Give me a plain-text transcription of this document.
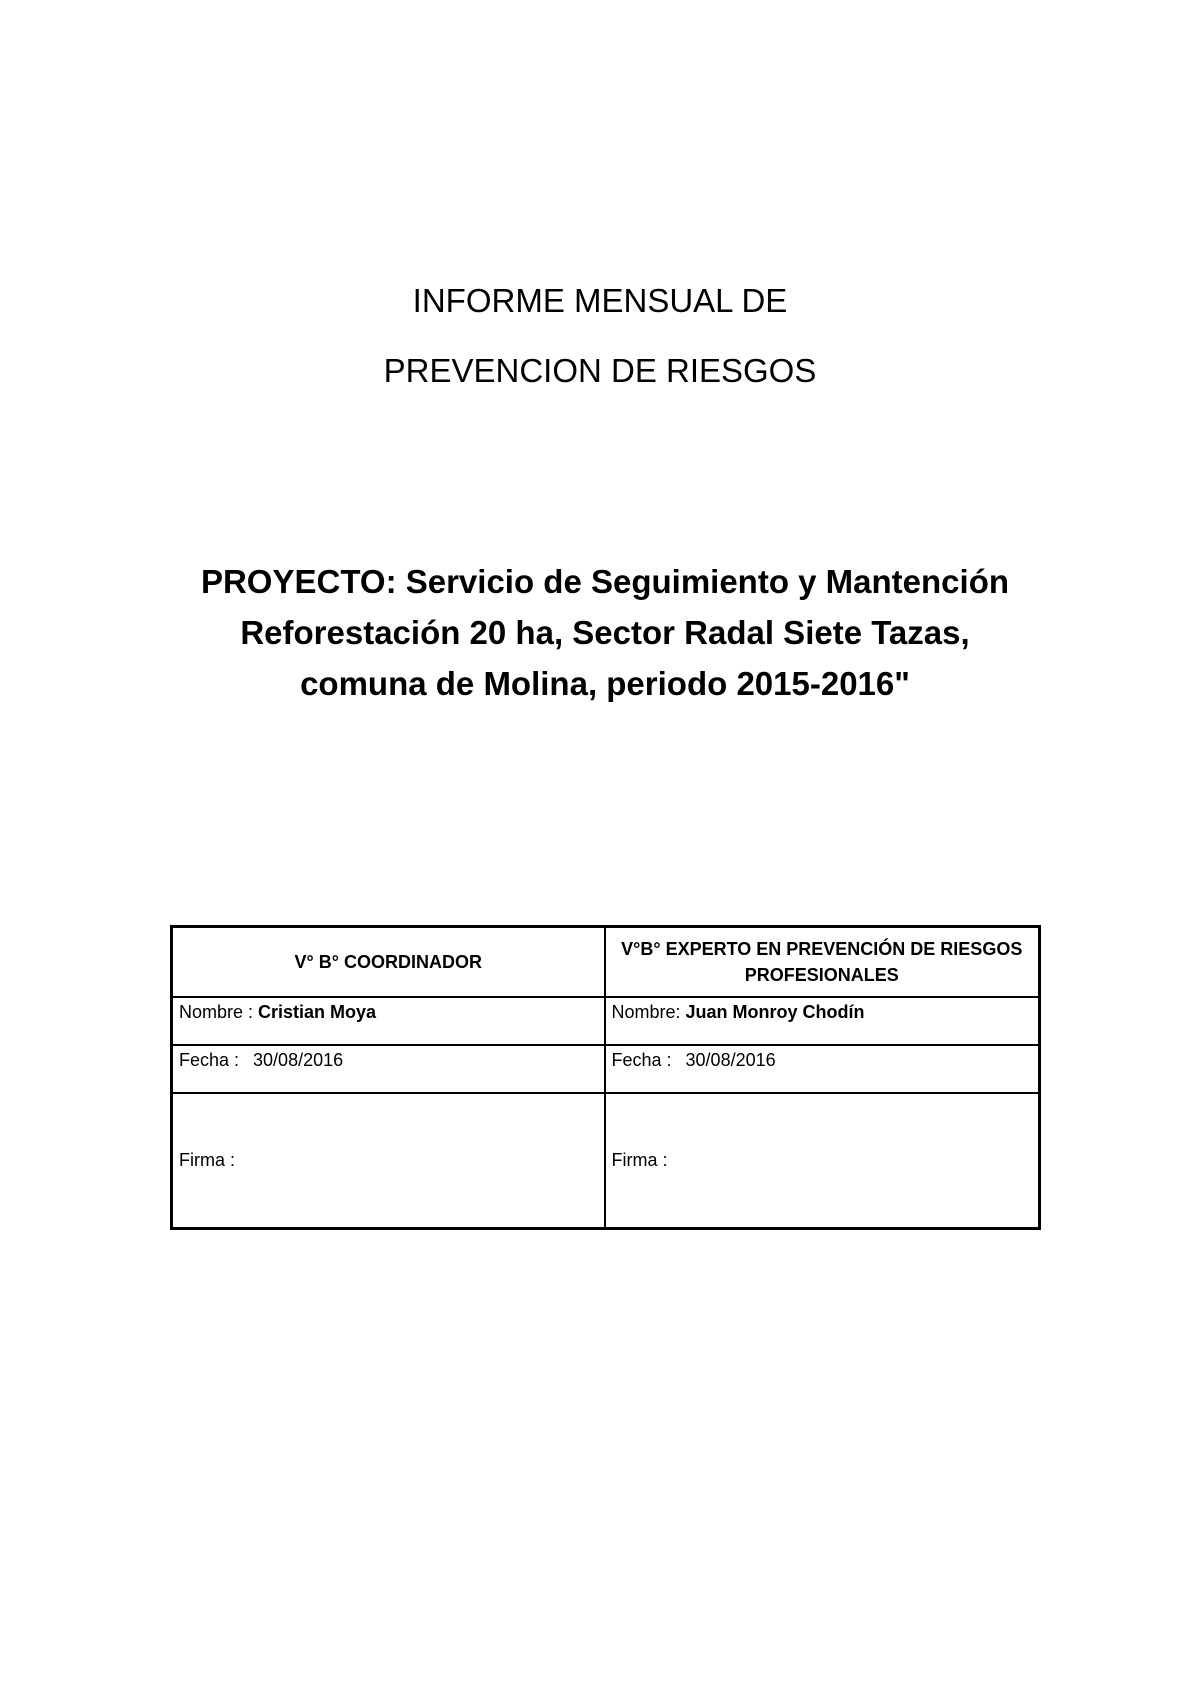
INFORME MENSUAL DE
PREVENCION DE RIESGOS
PROYECTO: Servicio de Seguimiento y Mantención Reforestación 20 ha, Sector Radal Siete Tazas, comuna de Molina, periodo 2015-2016"
V° B° COORDINADOR	V°B° EXPERTO EN PREVENCIÓN DE RIESGOS PROFESIONALES
Nombre : Cristian Moya	Nombre: Juan Monroy Chodín
Fecha : 30/08/2016	Fecha : 30/08/2016
Firma :	Firma :
